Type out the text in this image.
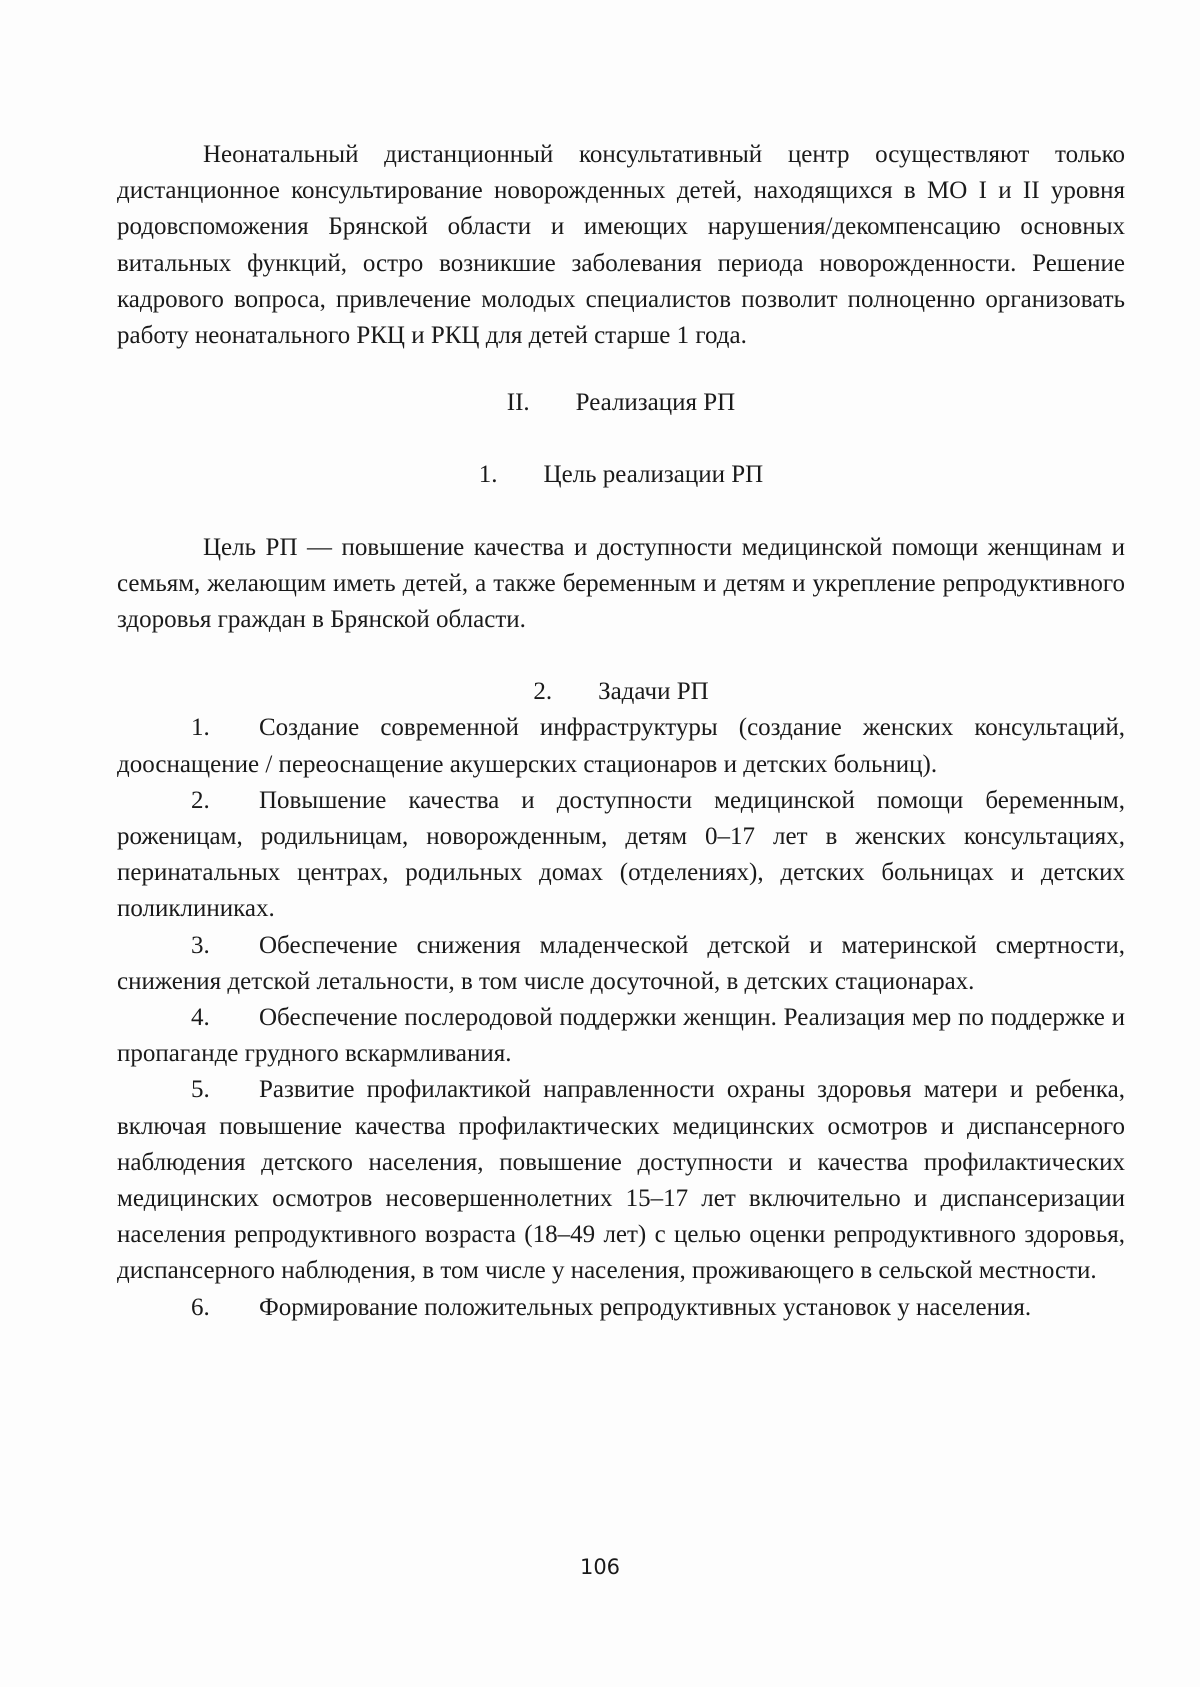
Неонатальный дистанционный консультативный центр осуществляют только дистанционное консультирование новорожденных детей, находящихся в МО I и II уровня родовспоможения Брянской области и имеющих нарушения/декомпенсацию основных витальных функций, остро возникшие заболевания периода новорожденности. Решение кадрового вопроса, привлечение молодых специалистов позволит полноценно организовать работу неонатального РКЦ и РКЦ для детей старше 1 года.

II. Реализация РП

1. Цель реализации РП

Цель РП — повышение качества и доступности медицинской помощи женщинам и семьям, желающим иметь детей, а также беременным и детям и укрепление репродуктивного здоровья граждан в Брянской области.

2. Задачи РП

1. Создание современной инфраструктуры (создание женских консультаций, дооснащение / переоснащение акушерских стационаров и детских больниц).
2. Повышение качества и доступности медицинской помощи беременным, роженицам, родильницам, новорожденным, детям 0–17 лет в женских консультациях, перинатальных центрах, родильных домах (отделениях), детских больницах и детских поликлиниках.
3. Обеспечение снижения младенческой детской и материнской смертности, снижения детской летальности, в том числе досуточной, в детских стационарах.
4. Обеспечение послеродовой поддержки женщин. Реализация мер по поддержке и пропаганде грудного вскармливания.
5. Развитие профилактикой направленности охраны здоровья матери и ребенка, включая повышение качества профилактических медицинских осмотров и диспансерного наблюдения детского населения, повышение доступности и качества профилактических медицинских осмотров несовершеннолетних 15–17 лет включительно и диспансеризации населения репродуктивного возраста (18–49 лет) с целью оценки репродуктивного здоровья, диспансерного наблюдения, в том числе у населения, проживающего в сельской местности.
6. Формирование положительных репродуктивных установок у населения.
106
